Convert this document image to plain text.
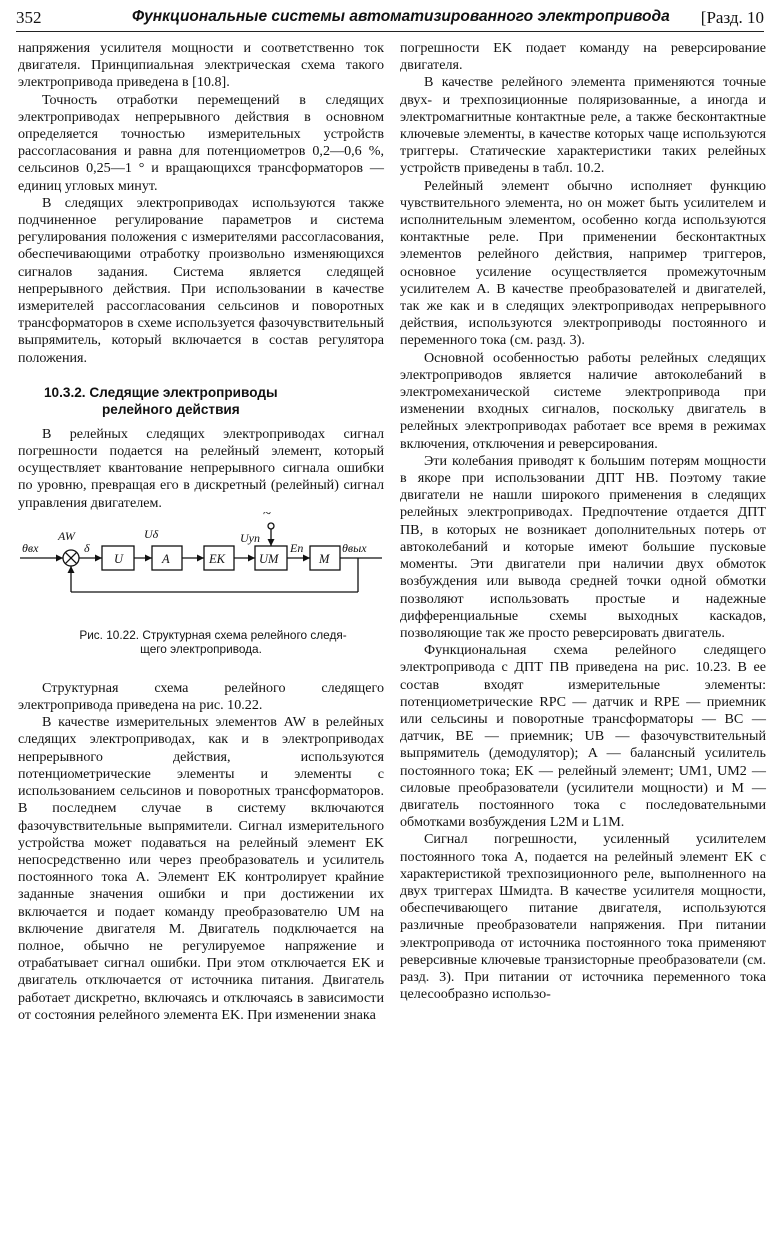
352	Функциональные системы автоматизированного электропривода [Разд. 10

напряжения усилителя мощности и соответственно ток двигателя. Принципиальная электрическая схема такого электропривода приведена в [10.8].

Точность отработки перемещений в следящих электроприводах непрерывного действия в основном определяется точностью измерительных устройств рассогласования и равна для потенциометров 0,2—0,6 %, сельсинов 0,25—1 ° и вращающихся трансформаторов — единиц угловых минут.

В следящих электроприводах используются также подчиненное регулирование параметров и система регулирования положения с измерителями рассогласования, обеспечивающими отработку произвольно изменяющихся сигналов задания. Система является следящей непрерывного действия. При использовании в качестве измерителей рассогласования сельсинов и поворотных трансформаторов в схеме используется фазочувствительный выпрямитель, который включается в состав регулятора положения.

10.3.2. Следящие электроприводы
релейного действия

В релейных следящих электроприводах сигнал погрешности подается на релейный элемент, который осуществляет квантование непрерывного сигнала ошибки по уровню, превращая его в дискретный (релейный) сигнал управления двигателем.

θвх
AW
δ
Uδ	Uуп
~
Eп	θвых
U	A	EK	UM	M

Рис. 10.22. Структурная схема релейного следя-
щего электропривода.

Структурная схема релейного следящего электропривода приведена на рис. 10.22.

В качестве измерительных элементов AW в релейных следящих электроприводах, как и в электроприводах непрерывного действия, используются потенциометрические элементы и элементы с использованием сельсинов и поворотных трансформаторов. В последнем случае в систему включаются фазочувствительные выпрямители. Сигнал измерительного устройства может подаваться на релейный элемент EK непосредственно или через преобразователь и усилитель постоянного тока A. Элемент EK контролирует крайние заданные значения ошибки и при достижении их включается и подает команду преобразователю UM на включение двигателя M. Двигатель подключается на полное, обычно не регулируемое напряжение и отрабатывает сигнал ошибки. При этом отключается EK и двигатель отключается от источника питания. Двигатель работает дискретно, включаясь и отключаясь в зависимости от состояния релейного элемента EK. При изменении знака

погрешности EK подает команду на реверсирование двигателя.

В качестве релейного элемента применяются точные двух- и трехпозиционные поляризованные, а иногда и электромагнитные контактные реле, а также бесконтактные ключевые элементы, в качестве которых чаще используются триггеры. Статические характеристики таких релейных устройств приведены в табл. 10.2.

Релейный элемент обычно исполняет функцию чувствительного элемента, но он может быть усилителем и исполнительным элементом, особенно когда используются контактные реле. При применении бесконтактных элементов релейного действия, например триггеров, основное усиление осуществляется промежуточным усилителем A. В качестве преобразователей и двигателей, так же как и в следящих электроприводах непрерывного действия, используются электроприводы постоянного и переменного тока (см. разд. 3).

Основной особенностью работы релейных следящих электроприводов является наличие автоколебаний в электромеханической системе электропривода при изменении входных сигналов, поскольку двигатель в релейных электроприводах работает все время в режимах включения, отключения и реверсирования.

Эти колебания приводят к большим потерям мощности в якоре при использовании ДПТ НВ. Поэтому такие двигатели не нашли широкого применения в следящих релейных электроприводах. Предпочтение отдается ДПТ ПВ, в которых не возникает дополнительных потерь от автоколебаний и которые имеют большие пусковые моменты. Эти двигатели при наличии двух обмоток возбуждения или вывода средней точки одной обмотки позволяют использовать простые и надежные дифференциальные схемы выходных каскадов, позволяющие так же просто реверсировать двигатель.

Функциональная схема релейного следящего электропривода с ДПТ ПВ приведена на рис. 10.23. В ее состав входят измерительные элементы: потенциометрические RPC — датчик и RPE — приемник или сельсины и поворотные трансформаторы — BC — датчик, BE — приемник; UB — фазочувствительный выпрямитель (демодулятор); A — балансный усилитель постоянного тока; EK — релейный элемент; UM1, UM2 — силовые преобразователи (усилители мощности) и M — двигатель постоянного тока с последовательными обмотками возбуждения L2M и L1M.

Сигнал погрешности, усиленный усилителем постоянного тока A, подается на релейный элемент EK с характеристикой трехпозиционного реле, выполненного на двух триггерах Шмидта. В качестве усилителя мощности, обеспечивающего питание двигателя, используются различные преобразователи напряжения. При питании электропривода от источника постоянного тока применяют реверсивные ключевые транзисторные преобразователи (см. разд. 3). При питании от источника переменного тока целесообразно использо-
